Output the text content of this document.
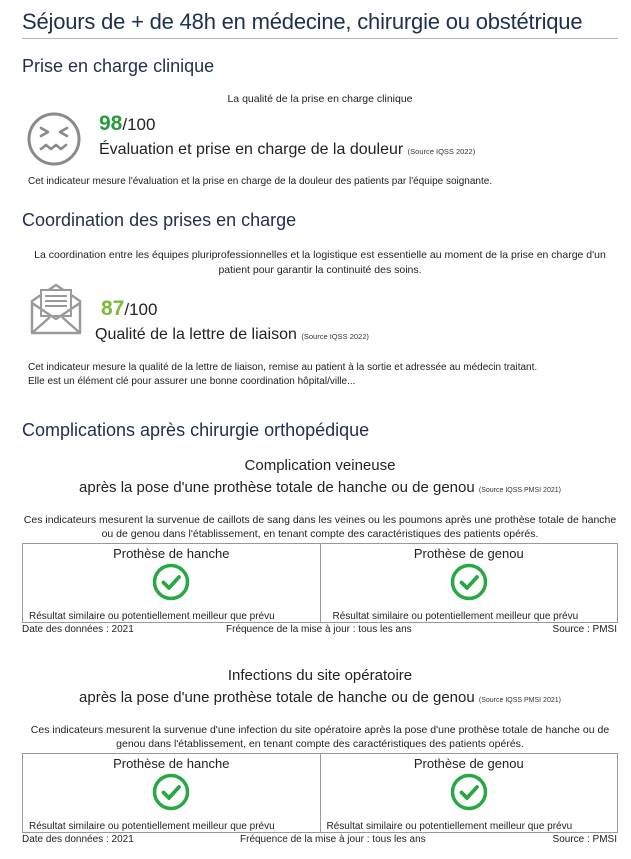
Séjours de + de 48h en médecine, chirurgie ou obstétrique
Prise en charge clinique
La qualité de la prise en charge clinique
98/100
Évaluation et prise en charge de la douleur (Source IQSS 2022)
Cet indicateur mesure l'évaluation et la prise en charge de la douleur des patients par l'équipe soignante.
Coordination des prises en charge
La coordination entre les équipes pluriprofessionnelles et la logistique est essentielle au moment de la prise en charge d'un patient pour garantir la continuité des soins.
87/100
Qualité de la lettre de liaison (Source IQSS 2022)
Cet indicateur mesure la qualité de la lettre de liaison, remise au patient à la sortie et adressée au médecin traitant.
Elle est un élément clé pour assurer une bonne coordination hôpital/ville...
Complications après chirurgie orthopédique
Complication veineuse
après la pose d'une prothèse totale de hanche ou de genou (Source IQSS PMSI 2021)
Ces indicateurs mesurent la survenue de caillots de sang dans les veines ou les poumons après une prothèse totale de hanche ou de genou dans l'établissement, en tenant compte des caractéristiques des patients opérés.
Prothèse de hanche
Résultat similaire ou potentiellement meilleur que prévu
Prothèse de genou
Résultat similaire ou potentiellement meilleur que prévu
Date des données : 2021	Fréquence de la mise à jour : tous les ans	Source : PMSI
Infections du site opératoire
après la pose d'une prothèse totale de hanche ou de genou (Source IQSS PMSI 2021)
Ces indicateurs mesurent la survenue d'une infection du site opératoire après la pose d'une prothèse totale de hanche ou de genou dans l'établissement, en tenant compte des caractéristiques des patients opérés.
Prothèse de hanche
Résultat similaire ou potentiellement meilleur que prévu
Prothèse de genou
Résultat similaire ou potentiellement meilleur que prévu
Date des données : 2021	Fréquence de la mise à jour : tous les ans	Source : PMSI
